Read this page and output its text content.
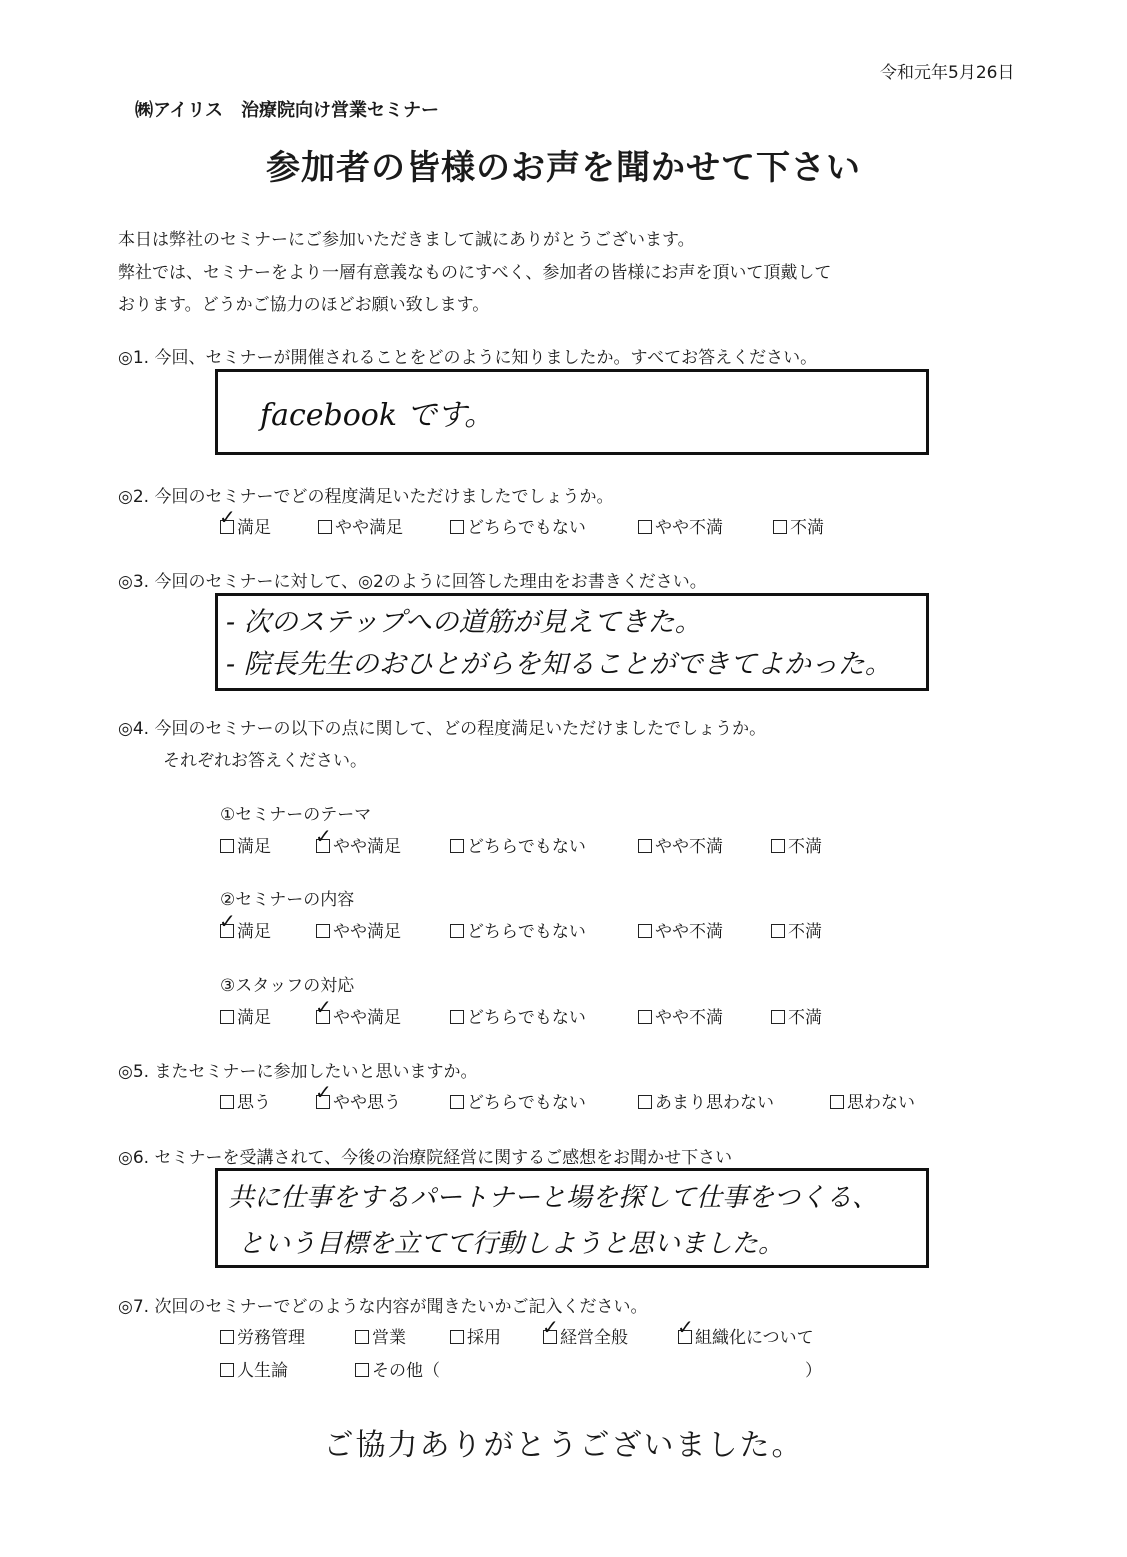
令和元年5月26日
㈱アイリス　治療院向け営業セミナー
参加者の皆様のお声を聞かせて下さい
本日は弊社のセミナーにご参加いただきまして誠にありがとうございます。
弊社では、セミナーをより一層有意義なものにすべく、参加者の皆様にお声を頂いて頂戴して
おります。どうかご協力のほどお願い致します。
◎1. 今回、セミナーが開催されることをどのように知りましたか。すべてお答えください。
facebook です。
◎2. 今回のセミナーでどの程度満足いただけましたでしょうか。
✓満足	やや満足	どちらでもない	やや不満	不満
◎3. 今回のセミナーに対して、◎2のように回答した理由をお書きください。
- 次のステップへの道筋が見えてきた。
- 院長先生のおひとがらを知ることができてよかった。
◎4. 今回のセミナーの以下の点に関して、どの程度満足いただけましたでしょうか。
それぞれお答えください。
①セミナーのテーマ
満足 ✓	やや満足	どちらでもない	やや不満	不満
②セミナーの内容
✓満足	やや満足	どちらでもない	やや不満	不満
③スタッフの対応
満足 ✓	やや満足	どちらでもない	やや不満	不満
◎5. またセミナーに参加したいと思いますか。
思う ✓	やや思う	どちらでもない	あまり思わない	思わない
◎6. セミナーを受講されて、今後の治療院経営に関するご感想をお聞かせ下さい
共に仕事をするパートナーと場を探して仕事をつくる、
という目標を立てて行動しようと思いました。
◎7. 次回のセミナーでどのような内容が聞きたいかご記入ください。
労務管理	営業	採用 ✓	経営全般 ✓	組織化について
人生論	その他（	）
ご協力ありがとうございました。
